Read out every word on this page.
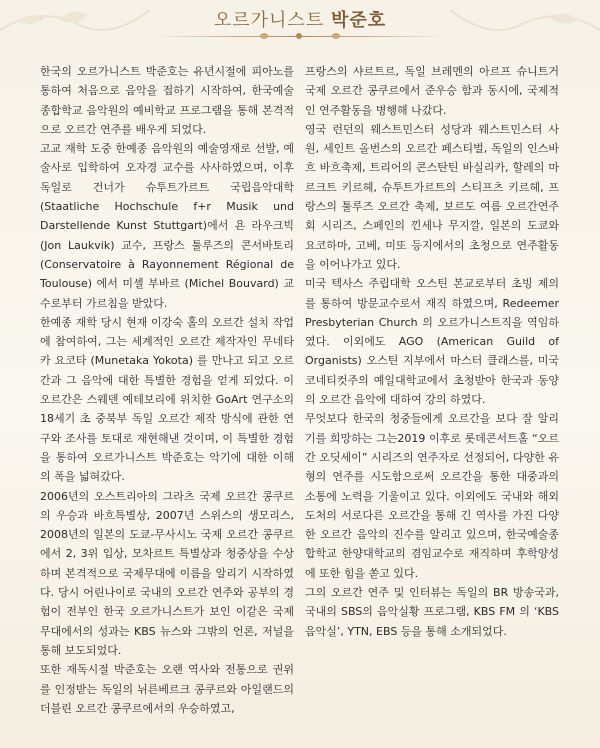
오르가니스트 박준호

한국의 오르가니스트 박준호는 유년시절에 피아노를 통하여 처음으로 음악을 접하기 시작하여, 한국예술종합학교 음악원의 예비학교 프로그램을 통해 본격적으로 오르간 연주를 배우게 되었다.

고교 재학 도중 한예종 음악원의 예술영재로 선발, 예술사로 입학하여 오자경 교수를 사사하였으며, 이후 독일로 건너가 슈투트가르트 국립음악대학 (Staatliche Hochschule f+r Musik und Darstellende Kunst Stuttgart)에서 욘 라우크빅 (Jon Laukvik) 교수, 프랑스 툴루즈의 콘서바토리 (Conservatoire à Rayonnement Régional de Toulouse) 에서 미셸 부바르 (Michel Bouvard) 교수로부터 가르침을 받았다.

한예종 재학 당시 현재 이강숙 홀의 오르간 설치 작업에 참여하여, 그는 세계적인 오르간 제작자인 무네타카 요코타 (Munetaka Yokota) 를 만나고 되고 오르간과 그 음악에 대한 특별한 경험을 얻게 되었다. 이 오르간은 스웨덴 예테보리에 위치한 GoArt 연구소의 18세기 초 중북부 독일 오르간 제작 방식에 관한 연구와 조사를 토대로 재현해낸 것이며, 이 특별한 경험을 통하여 오르가니스트 박준호는 악기에 대한 이해의 폭을 넓혀갔다.

2006년의 오스트리아의 그라츠 국제 오르간 콩쿠르의 우승과 바흐특별상, 2007년 스위스의 생모리스, 2008년의 일본의 도쿄-무사시노 국제 오르간 콩쿠르에서 2, 3위 입상, 모차르트 특별상과 청중상을 수상하며 본격적으로 국제무대에 이름을 알리기 시작하였다. 당시 어린나이로 국내의 오르간 연주와 공부의 경험이 전부인 한국 오르가니스트가 보인 이같은 국제무대에서의 성과는 KBS 뉴스와 그밖의 언론, 저널을 통해 보도되었다.

또한 재독시절 박준호는 오랜 역사와 전통으로 권위를 인정받는 독일의 뉘른베르크 콩쿠르와 아일랜드의 더블린 오르간 콩쿠르에서의 우승하였고,

프랑스의 샤르트르, 독일 브레멘의 아르프 슈니트거 국제 오르간 콩쿠르에서 준우승 함과 동시에, 국제적인 연주활동을 병행해 나갔다.

영국 런던의 웨스트민스터 성당과 웨스트민스터 사원, 세인트 올번스의 오르간 페스티벌, 독일의 인스바흐 바흐축제, 트리어의 콘스탄틴 바실리카, 할레의 마르크트 키르헤, 슈투트가르트의 스티프츠 키르헤, 프랑스의 툴루즈 오르간 축제, 보르도 여름 오르간연주회 시리즈, 스페인의 낀세나 무지깔, 일본의 도쿄와 요코하마, 고베, 미또 등지에서의 초청으로 연주활동을 이어나가고 있다.

미국 텍사스 주립대학 오스틴 본교로부터 초빙 제의를 통하여 방문교수로서 재직 하였으며, Redeemer Presbyterian Church 의 오르가니스트직을 역임하였다. 이외에도 AGO (American Guild of Organists) 오스틴 지부에서 마스터 클래스를, 미국 코네티컷주의 예일대학교에서 초청받아 한국과 동양의 오르간 음악에 대하여 강의 하였다.

무엇보다 한국의 청중들에게 오르간을 보다 잘 알리기를 희망하는 그는2019 이후로 롯데콘서트홀 “오르간 오딧세이” 시리즈의 연주자로 선정되어, 다양한 유형의 연주를 시도함으로써 오르간을 통한 대중과의 소통에 노력을 기울이고 있다. 이외에도 국내와 해외 도처의 서로다른 오르간을 통해 긴 역사를 가진 다양한 오르간 음악의 진수를 알리고 있으며, 한국예술종합학교 한양대학교의 겸임교수로 재직하며 후학양성에 또한 힘을 쏟고 있다.

그의 오르간 연주 및 인터뷰는 독일의 BR 방송국과, 국내의 SBS의 음악실황 프로그램, KBS FM 의 ‘KBS 음악실’, YTN, EBS 등을 통해 소개되었다.
